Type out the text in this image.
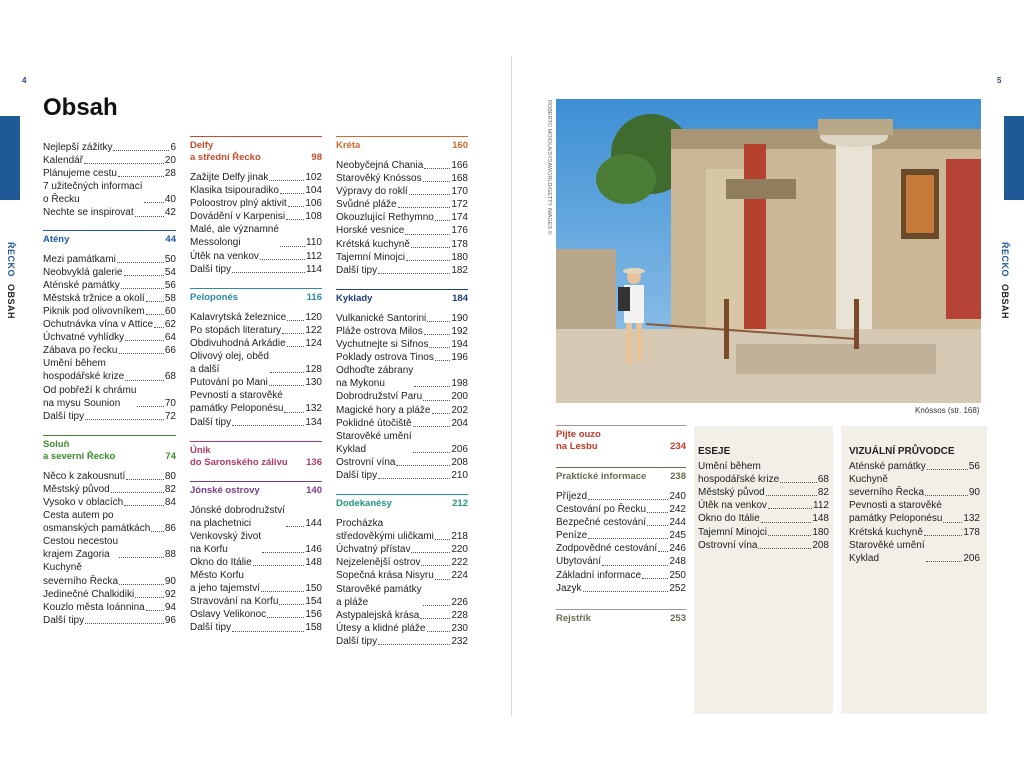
4
ŘECKO OBSAH
Obsah
Nejlepší zážitky	6
Kalendář	20
Plánujeme cestu	28
7 užitečných informací
o Řecku	40
Nechte se inspirovat	42
Atény	44
Mezi památkami	50
Neobvyklá galerie	54
Aténské památky	56
Městská tržnice a okolí 58
Piknik pod olivovníkem 60
Ochutnávka vína v Attice 62
Úchvatné vyhlídky	64
Zábava po řecku	66
Umění během
hospodářské krize	68
Od pobřeží k chrámu
na mysu Sounion	70
Další tipy	72
Soluň
a severní Řecko	74
Něco k zakousnutí	80
Městský původ	82
Vysoko v oblacích	84
Cesta autem po
osmanských památkách 86
Cestou necestou
krajem Zagoria	88
Kuchyně
severního Řecka	90
Jedinečné Chalkidiki	92
Kouzlo města Ioánnina 94
Další tipy	96
Delfy
a střední Řecko	98
Zažijte Delfy jinak	102
Klasika tsipouradiko	104
Poloostrov plný aktivit 106
Dovádění v Karpenisi 108
Malé, ale významné
Messolongi	110
Útěk na venkov	112
Další tipy	114
Peloponés	116
Kalavrytská železnice 120
Po stopách literatury 122
Obdivuhodná Arkádie 124
Olivový olej, oběd
a další	128
Putování po Mani	130
Pevnosti a starověké
památky Peloponésu 132
Další tipy	134
Únik
do Saronského zálivu 136
Jónské ostrovy	140
Jónské dobrodružství
na plachetnici	144
Venkovský život
na Korfu	146
Okno do Itálie	148
Město Korfu
a jeho tajemství	150
Stravování na Korfu	154
Oslavy Velikonoc	156
Další tipy	158
Kréta	160
Neobyčejná Chania	166
Starověký Knóssos	168
Výpravy do roklí	170
Svůdné pláže	172
Okouzlující Rethymno 174
Horské vesnice	176
Krétská kuchyně	178
Tajemní Minojci	180
Další tipy	182
Kyklady	184
Vulkanické Santorini	190
Pláže ostrova Milos	192
Vychutnejte si Sifnos 194
Poklady ostrova Tinos 196
Odhoďte zábrany
na Mykonu	198
Dobrodružství Paru	200
Magické hory a pláže 202
Poklidné útočiště	204
Starověké umění
Kyklad	206
Ostrovní vína	208
Další tipy	210
Dodekanésy	212
Procházka
středověkými uličkami 218
Úchvatný přístav	220
Nejzelenější ostrov	222
Sopečná krása Nisyru 224
Starověké památky
a pláže	226
Astypalejská krása	228
Útesy a klidné pláže	230
Další tipy	232
5
ŘECKO OBSAH
ROBERTO MOIOLA/SYSAWORLD/GETTY IMAGES ©
Knóssos (str. 168)
Pijte ouzo
na Lesbu	234
Praktické informace	238
Příjezd	240
Cestování po Řecku 242
Bezpečné cestování 244
Peníze	245
Zodpovědné cestování 246
Ubytování	248
Základní informace	250
Jazyk	252
Rejstřík	253
ESEJE
Umění během
hospodářské krize	68
Městský původ	82
Útěk na venkov	112
Okno do Itálie	148
Tajemní Minojci	180
Ostrovní vína	208
VIZUÁLNÍ PRŮVODCE
Aténské památky	56
Kuchyně
severního Řecka	90
Pevnosti a starověké
památky Peloponésu 132
Krétská kuchyně	178
Starověké umění
Kyklad	206
